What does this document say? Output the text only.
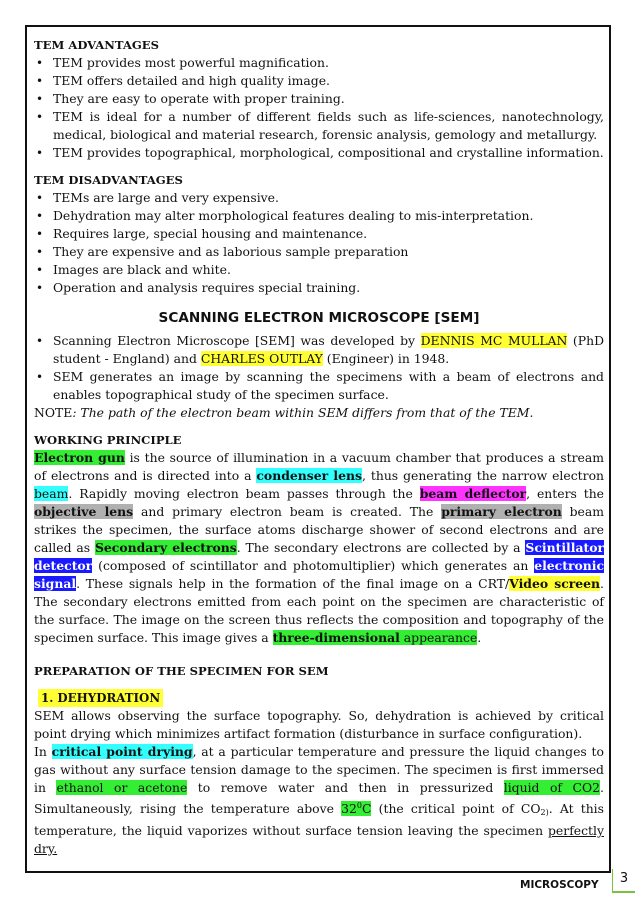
TEM ADVANTAGES
• TEM provides most powerful magnification.
• TEM offers detailed and high quality image.
• They are easy to operate with proper training.
• TEM is ideal for a number of different fields such as life-sciences, nanotechnology, medical, biological and material research, forensic analysis, gemology and metallurgy.
• TEM provides topographical, morphological, compositional and crystalline information.
TEM DISADVANTAGES
• TEMs are large and very expensive.
• Dehydration may alter morphological features dealing to mis-interpretation.
• Requires large, special housing and maintenance.
• They are expensive and as laborious sample preparation
• Images are black and white.
• Operation and analysis requires special training.
SCANNING ELECTRON MICROSCOPE [SEM]
• Scanning Electron Microscope [SEM] was developed by DENNIS MC MULLAN (PhD student - England) and CHARLES OUTLAY (Engineer) in 1948.
• SEM generates an image by scanning the specimens with a beam of electrons and enables topographical study of the specimen surface.

NOTE: The path of the electron beam within SEM differs from that of the TEM.

WORKING PRINCIPLE

Electron gun is the source of illumination in a vacuum chamber that produces a stream of electrons and is directed into a condenser lens, thus generating the narrow electron beam. Rapidly moving electron beam passes through the beam deflector, enters the objective lens and primary electron beam is created. The primary electron beam strikes the specimen, the surface atoms discharge shower of second electrons and are called as Secondary electrons. The secondary electrons are collected by a Scintillator detector (composed of scintillator and photomultiplier) which generates an electronic signal. These signals help in the formation of the final image on a CRT/Video screen. The secondary electrons emitted from each point on the specimen are characteristic of the surface. The image on the screen thus reflects the composition and topography of the specimen surface. This image gives a three-dimensional appearance.

PREPARATION OF THE SPECIMEN FOR SEM
1. DEHYDRATION

SEM allows observing the surface topography. So, dehydration is achieved by critical point drying which minimizes artifact formation (disturbance in surface configuration).

In critical point drying, at a particular temperature and pressure the liquid changes to gas without any surface tension damage to the specimen. The specimen is first immersed in ethanol or acetone to remove water and then in pressurized liquid of CO2. Simultaneously, rising the temperature above $32^0C$ (the critical point of $CO_{2)}$. At this temperature, the liquid vaporizes without surface tension leaving the specimen perfectly dry.

MICROSCOPY	3
